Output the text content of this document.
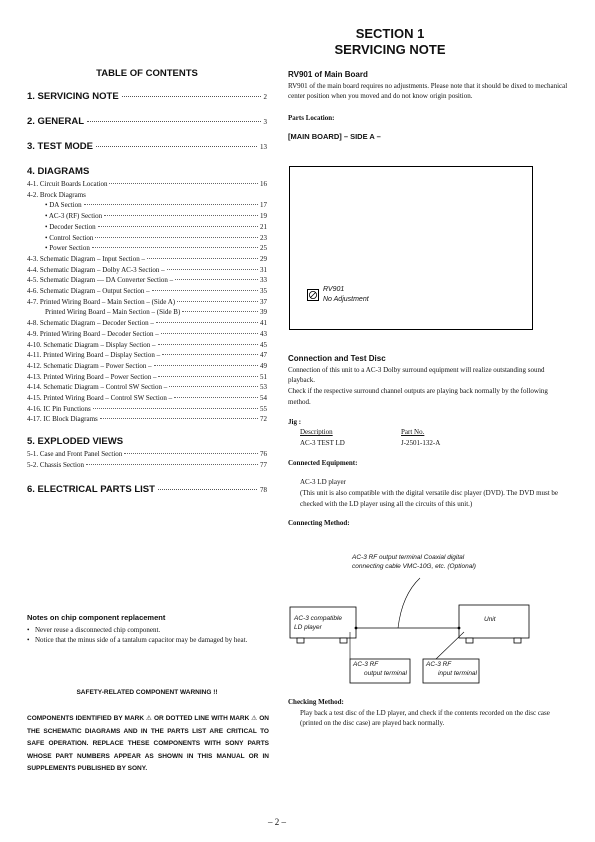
SECTION 1
SERVICING NOTE
TABLE OF CONTENTS
1. SERVICING NOTE	2
2. GENERAL	3
3. TEST MODE	13
4. DIAGRAMS
4-1. Circuit Boards Location	16
4-2. Brock Diagrams
• DA Section	17
• AC-3 (RF) Section	19
• Decoder Section	21
• Control Section	23
• Power Section	25
4-3. Schematic Diagram – Input Section –	29
4-4. Schematic Diagram – Dolby AC-3 Section –	31
4-5. Schematic Diagram — DA Converter Section –	33
4-6. Schematic Diagram – Output Section –	35
4-7. Printed Wiring Board – Main Section – (Side A)	37
Printed Wiring Board – Main Section – (Side B)	39
4-8. Schematic Diagram – Decoder Section –	41
4-9. Printed Wiring Board – Decoder Section –	43
4-10. Schematic Diagram – Display Section –	45
4-11. Printed Wiring Board – Display Section –	47
4-12. Schematic Diagram – Power Section –	49
4-13. Printed Wiring Board – Power Section –	51
4-14. Schematic Diagram – Control SW Section –	53
4-15. Printed Wiring Board – Control SW Section –	54
4-16. IC Pin Functions	55
4-17. IC Block Diagrams	72
5. EXPLODED VIEWS
5-1. Case and Front Panel Section	76
5-2. Chassis Section	77
6. ELECTRICAL PARTS LIST	78
Notes on chip component replacement
• Never reuse a disconnected chip component.
• Notice that the minus side of a tantalum capacitor may be damaged by heat.
SAFETY-RELATED COMPONENT WARNING !!
COMPONENTS IDENTIFIED BY MARK ⚠ OR DOTTED LINE WITH MARK ⚠ ON THE SCHEMATIC DIAGRAMS AND IN THE PARTS LIST ARE CRITICAL TO SAFE OPERATION. REPLACE THESE COMPONENTS WITH SONY PARTS WHOSE PART NUMBERS APPEAR AS SHOWN IN THIS MANUAL OR IN SUPPLEMENTS PUBLISHED BY SONY.
RV901 of Main Board
RV901 of the main board requires no adjustments. Please note that it should be dixed to mechanical center position when you moved and do not know origin position.
Parts Location:
[MAIN BOARD] – SIDE A –
RV901
No Adjustment
Connection and Test Disc
Connection of this unit to a AC-3 Dolby surround equipment will realize outstanding sound playback.
Check if the respective surround channel outputs are playing back normally by the following method.
Jig :
Description	Part No.
AC-3 TEST LD	J-2501-132-A
Connected Equipment:
AC-3 LD player
(This unit is also compatible with the digital versatile disc player (DVD). The DVD must be checked with the LD player using all the circuits of this unit.)
Connecting Method:
AC-3 RF output terminal Coaxial digital
connecting cable VMC-10G, etc. (Optional)
AC-3 compatible
LD player
Unit
AC-3 RF
output terminal
AC-3 RF
input terminal
Checking Method:
Play back a test disc of the LD player, and check if the contents recorded on the disc case (printed on the disc case) are played back normally.
– 2 –
